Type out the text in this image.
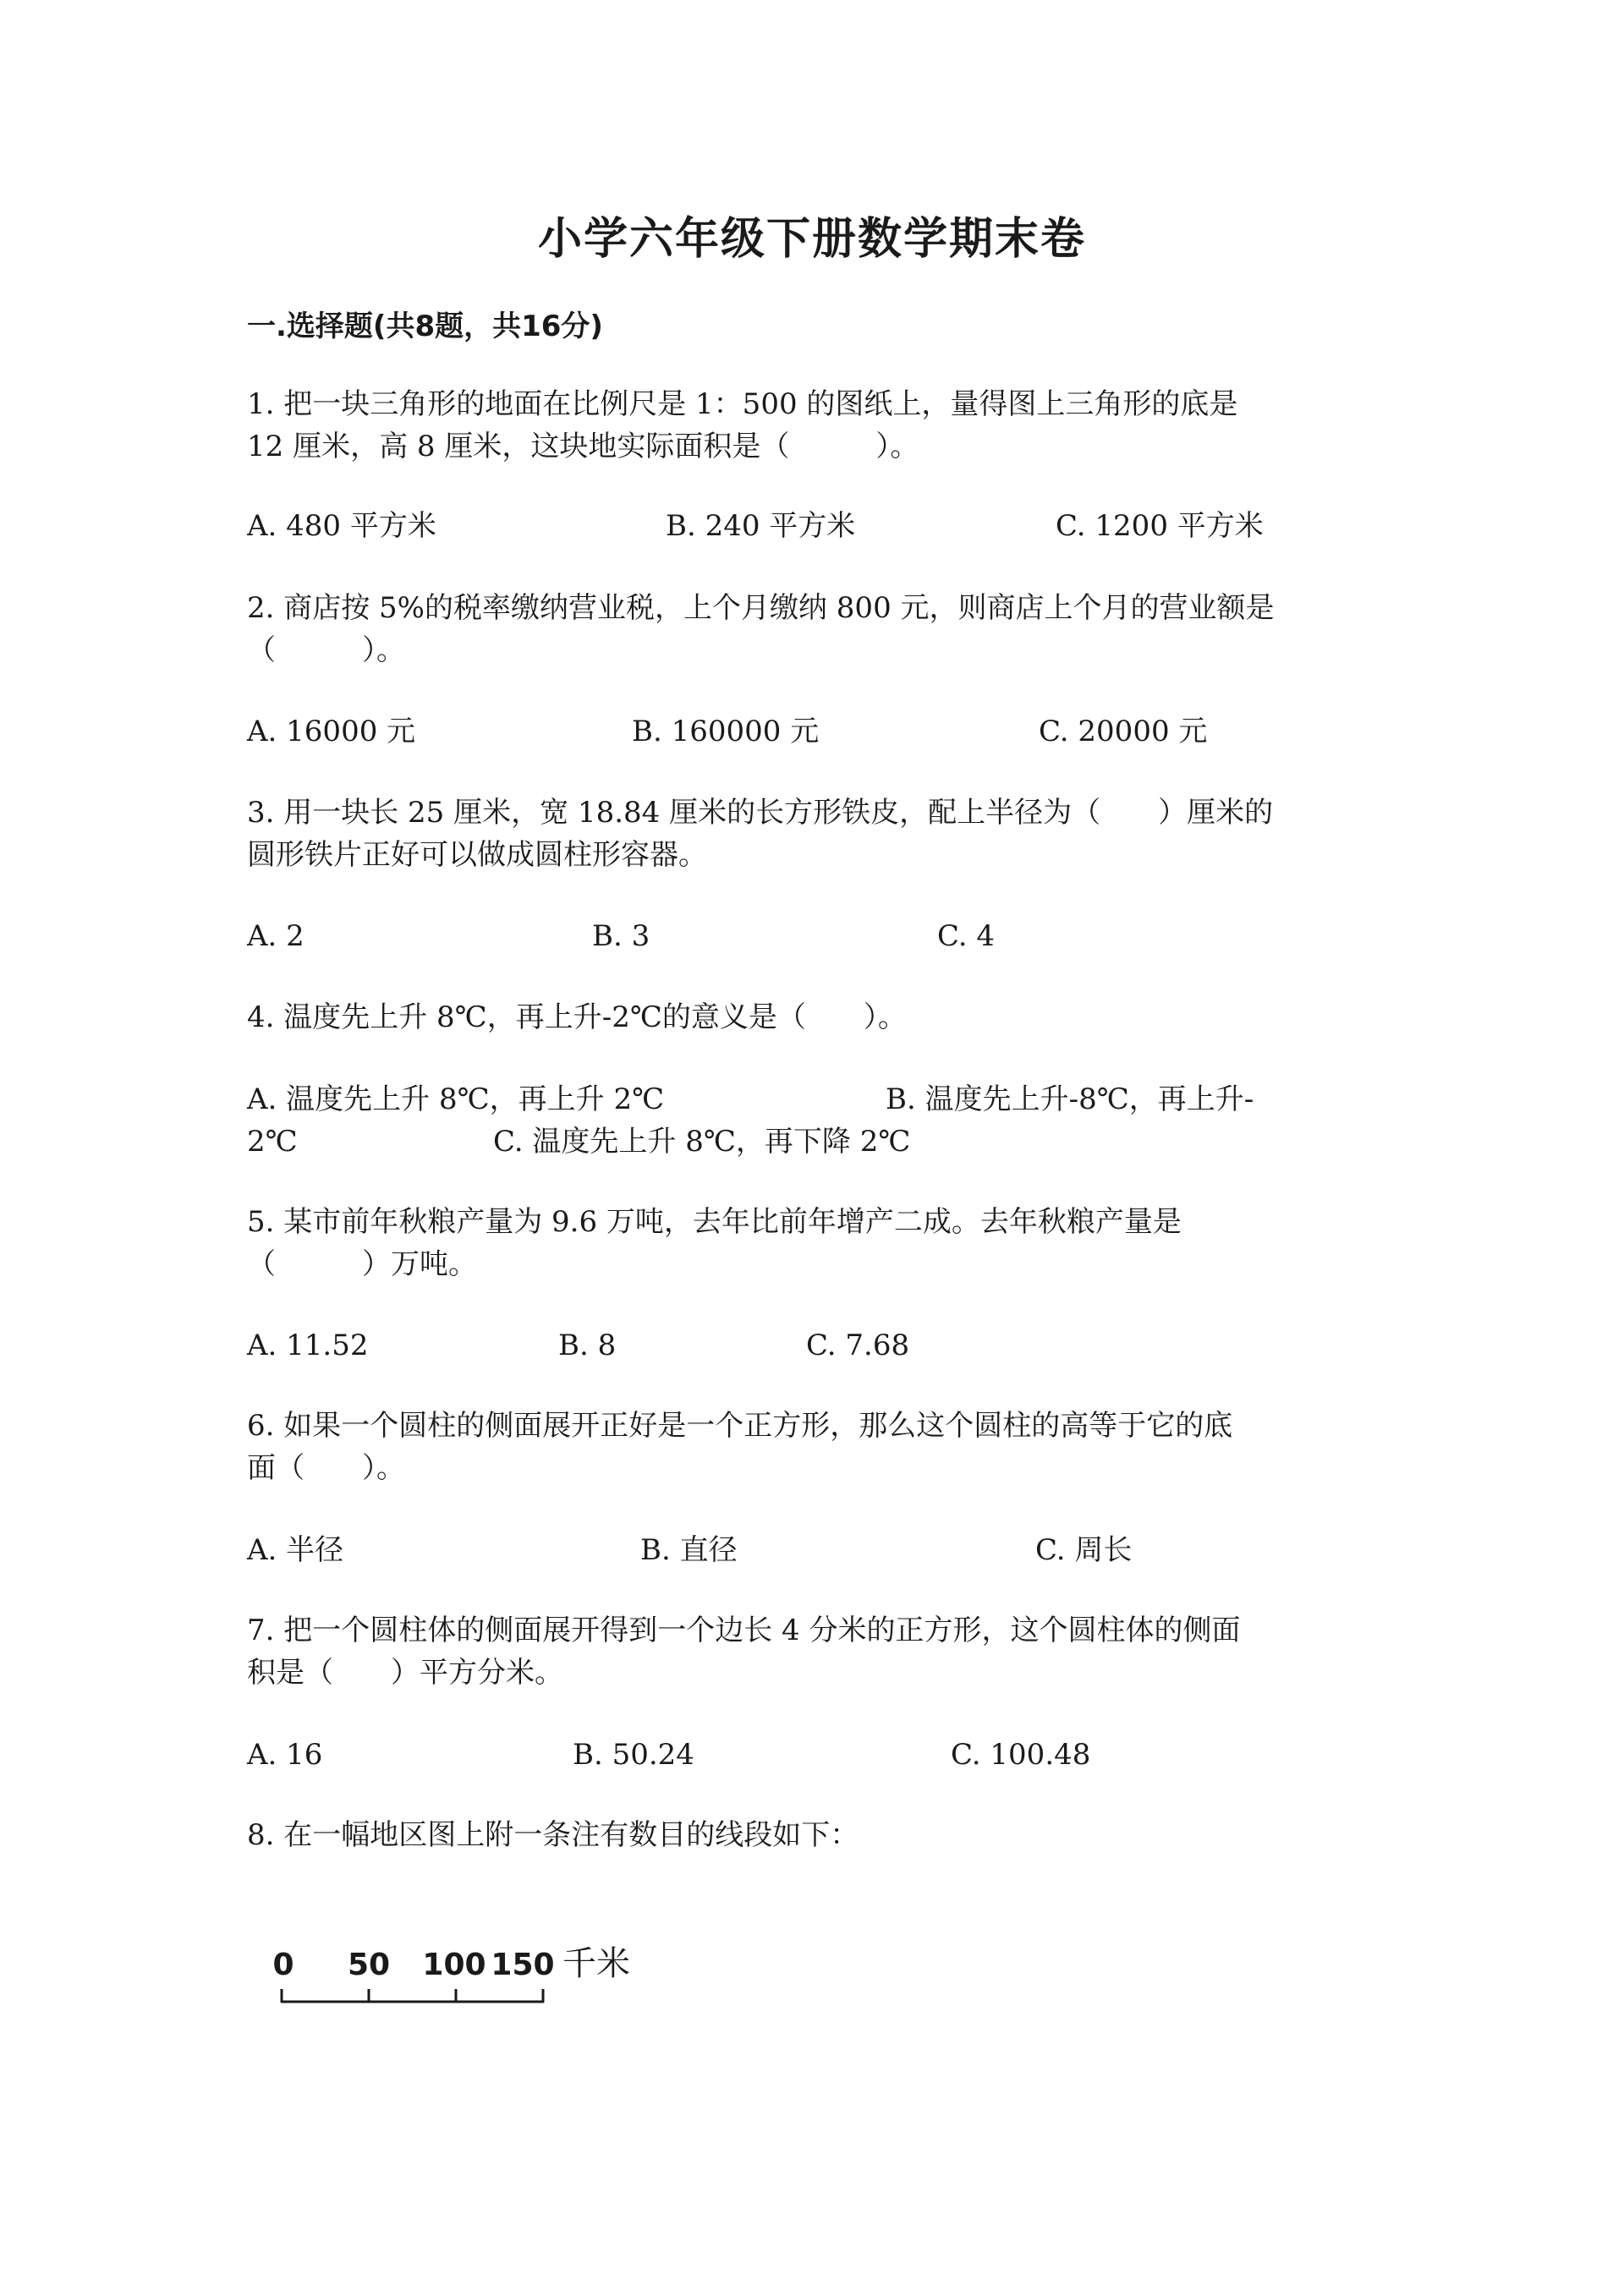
小学六年级下册数学期末卷
一.选择题(共8题，共16分)
1. 把一块三角形的地面在比例尺是 1：500 的图纸上，量得图上三角形的底是
12 厘米，高 8 厘米，这块地实际面积是（　　　）。
A. 480 平方米	B. 240 平方米	C. 1200 平方米
2. 商店按 5%的税率缴纳营业税，上个月缴纳 800 元，则商店上个月的营业额是
（　　　）。
A. 16000 元	B. 160000 元	C. 20000 元
3. 用一块长 25 厘米，宽 18.84 厘米的长方形铁皮，配上半径为（　　）厘米的
圆形铁片正好可以做成圆柱形容器。
A. 2	B. 3	C. 4
4. 温度先上升 8℃，再上升-2℃的意义是（　　）。
A. 温度先上升 8℃，再上升 2℃	B. 温度先上升-8℃，再上升-
2℃	C. 温度先上升 8℃，再下降 2℃
5. 某市前年秋粮产量为 9.6 万吨，去年比前年增产二成。去年秋粮产量是
（　　　）万吨。
A. 11.52	B. 8	C. 7.68
6. 如果一个圆柱的侧面展开正好是一个正方形，那么这个圆柱的高等于它的底
面（　　）。
A. 半径	B. 直径	C. 周长
7. 把一个圆柱体的侧面展开得到一个边长 4 分米的正方形，这个圆柱体的侧面
积是（　　）平方分米。
A. 16	B. 50.24	C. 100.48
8. 在一幅地区图上附一条注有数目的线段如下：
0 50 100 150 千米
